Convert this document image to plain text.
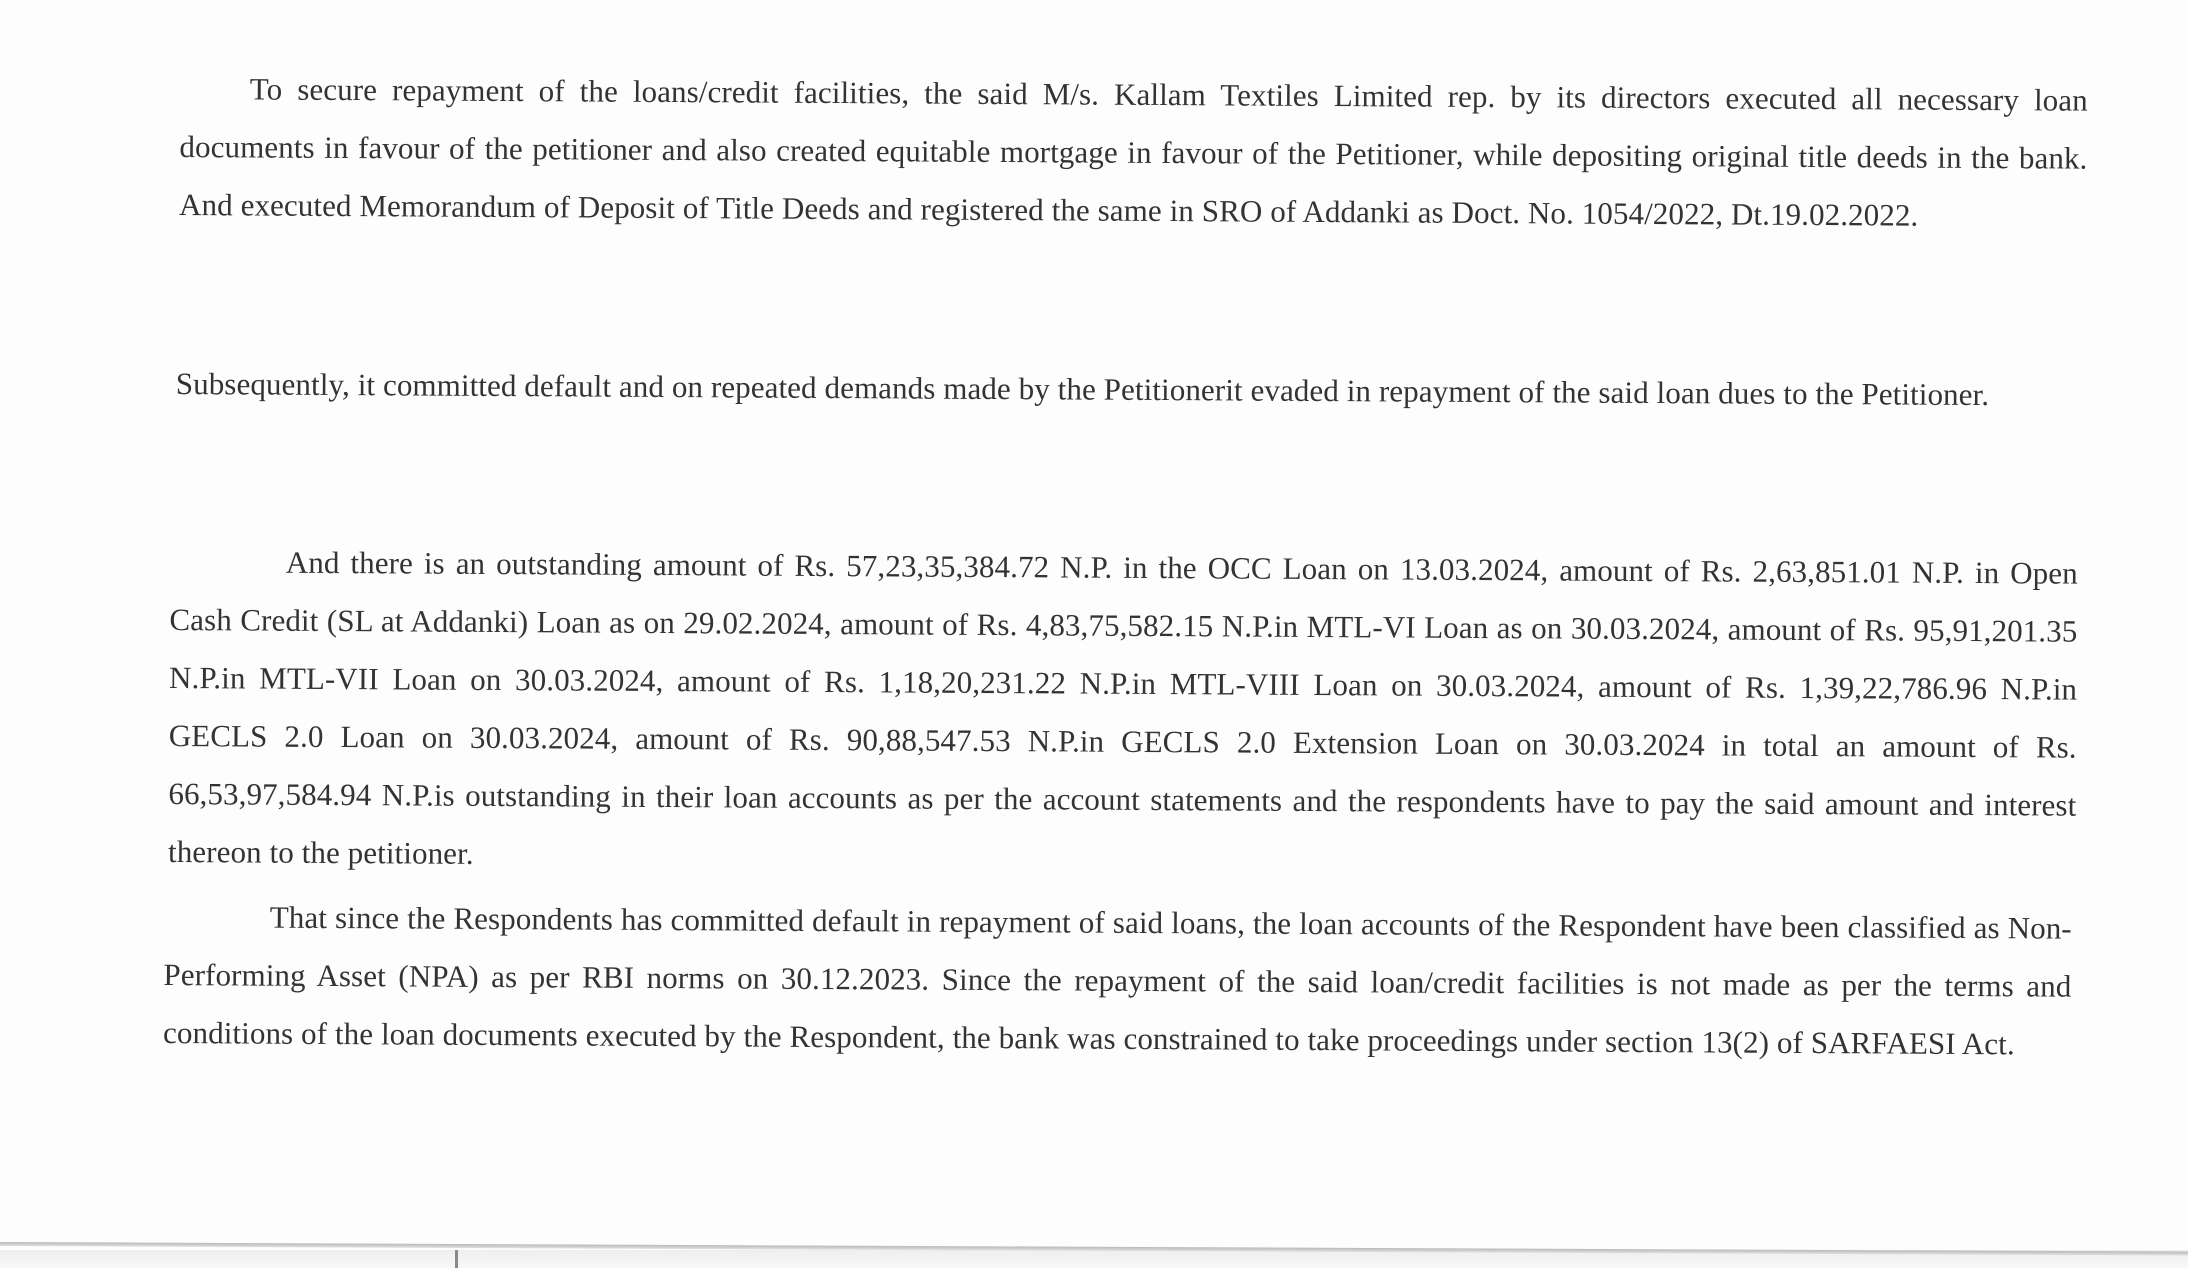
To secure repayment of the loans/credit facilities, the said M/s. Kallam Textiles Limited rep. by its directors executed all necessary loan documents in favour of the petitioner and also created equitable mortgage in favour of the Petitioner, while depositing original title deeds in the bank. And executed Memorandum of Deposit of Title Deeds and registered the same in SRO of Addanki as Doct. No. 1054/2022, Dt.19.02.2022.

Subsequently, it committed default and on repeated demands made by the Petitionerit evaded in repayment of the said loan dues to the Petitioner.

And there is an outstanding amount of Rs. 57,23,35,384.72 N.P. in the OCC Loan on 13.03.2024, amount of Rs. 2,63,851.01 N.P. in Open Cash Credit (SL at Addanki) Loan as on 29.02.2024, amount of Rs. 4,83,75,582.15 N.P.in MTL-VI Loan as on 30.03.2024, amount of Rs. 95,91,201.35 N.P.in MTL-VII Loan on 30.03.2024, amount of Rs. 1,18,20,231.22 N.P.in MTL-VIII Loan on 30.03.2024, amount of Rs. 1,39,22,786.96 N.P.in GECLS 2.0 Loan on 30.03.2024, amount of Rs. 90,88,547.53 N.P.in GECLS 2.0 Extension Loan on 30.03.2024 in total an amount of Rs. 66,53,97,584.94 N.P.is outstanding in their loan accounts as per the account statements and the respondents have to pay the said amount and interest thereon to the petitioner.

That since the Respondents has committed default in repayment of said loans, the loan accounts of the Respondent have been classified as Non-Performing Asset (NPA) as per RBI norms on 30.12.2023. Since the repayment of the said loan/credit facilities is not made as per the terms and conditions of the loan documents executed by the Respondent, the bank was constrained to take proceedings under section 13(2) of SARFAESI Act.
